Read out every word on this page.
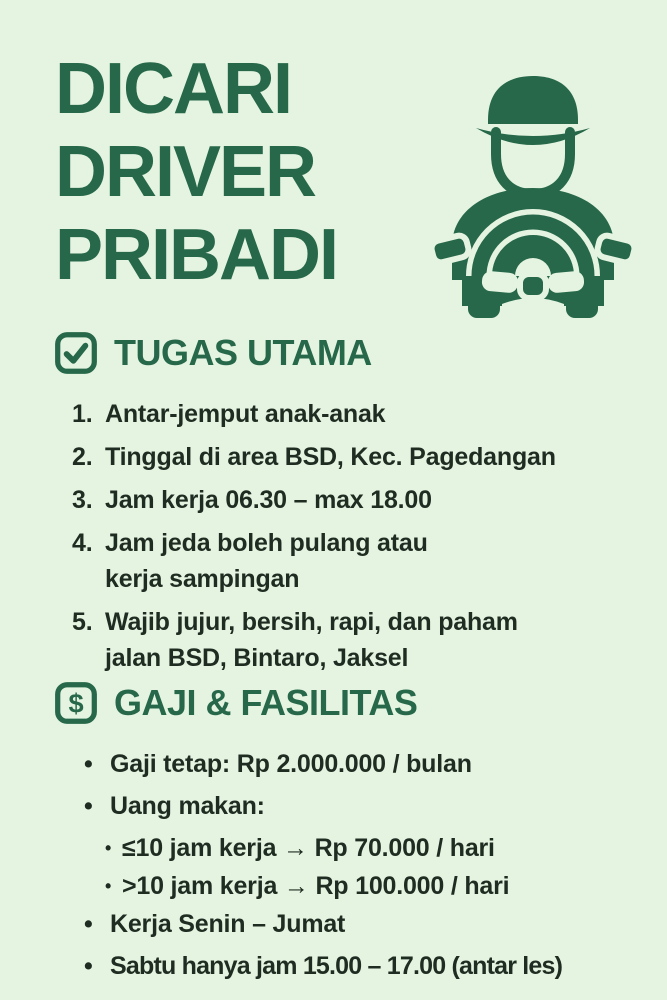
DICARI
DRIVER
PRIBADI
TUGAS UTAMA
1. Antar-jemput anak-anak
2. Tinggal di area BSD, Kec. Pagedangan
3. Jam kerja 06.30 – max 18.00
4. Jam jeda boleh pulang atau
kerja sampingan
5. Wajib jujur, bersih, rapi, dan paham
jalan BSD, Bintaro, Jaksel
$ GAJI & FASILITAS
• Gaji tetap: Rp 2.000.000 / bulan
• Uang makan:
• ≤10 jam kerja → Rp 70.000 / hari
• >10 jam kerja → Rp 100.000 / hari
• Kerja Senin – Jumat
• Sabtu hanya jam 15.00 – 17.00 (antar les)
